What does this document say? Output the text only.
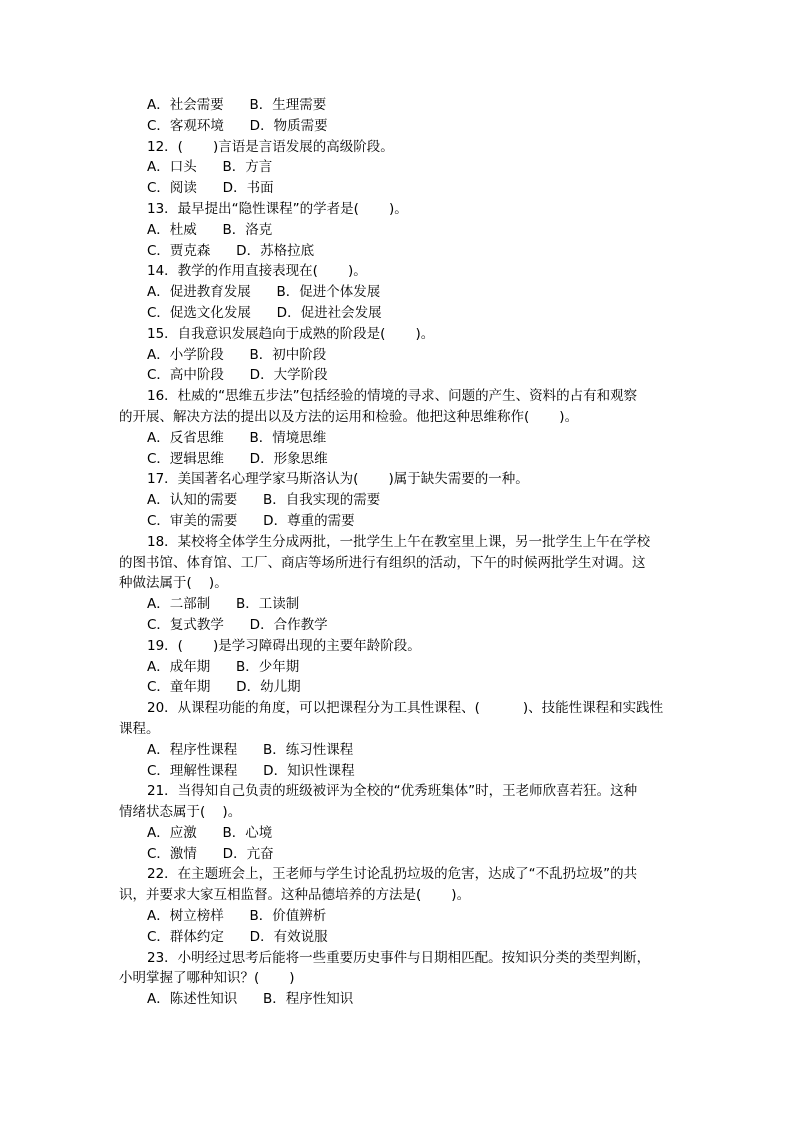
A．社会需要      B．生理需要
C．客观环境      D．物质需要
12．(       )言语是言语发展的高级阶段。
A．口头      B．方言
C．阅读      D．书面
13．最早提出“隐性课程”的学者是(       )。
A．杜威      B．洛克
C．贾克森      D．苏格拉底
14．教学的作用直接表现在(       )。
A．促进教育发展      B．促进个体发展
C．促选文化发展      D．促进社会发展
15．自我意识发展趋向于成熟的阶段是(       )。
A．小学阶段      B．初中阶段
C．高中阶段      D．大学阶段
16．杜威的“思维五步法”包括经验的情境的寻求、问题的产生、资料的占有和观察
的开展、解决方法的提出以及方法的运用和检验。他把这种思维称作(       )。
A．反省思维      B．情境思维
C．逻辑思维      D．形象思维
17．美国著名心理学家马斯洛认为(       )属于缺失需要的一种。
A．认知的需要      B．自我实现的需要
C．审美的需要      D．尊重的需要
18．某校将全体学生分成两批，一批学生上午在教室里上课，另一批学生上午在学校
的图书馆、体育馆、工厂、商店等场所进行有组织的活动，下午的时候两批学生对调。这
种做法属于(    )。
A．二部制      B．工读制
C．复式教学      D．合作教学
19．(       )是学习障碍出现的主要年龄阶段。
A．成年期      B．少年期
C．童年期      D．幼儿期
20．从课程功能的角度，可以把课程分为工具性课程、(          )、技能性课程和实践性
课程。
A．程序性课程      B．练习性课程
C．理解性课程      D．知识性课程
21．当得知自己负责的班级被评为全校的“优秀班集体”时，王老师欣喜若狂。这种
情绪状态属于(    )。
A．应激      B．心境
C．激情      D．亢奋
22．在主题班会上，王老师与学生讨论乱扔垃圾的危害，达成了“不乱扔垃圾”的共
识，并要求大家互相监督。这种品德培养的方法是(       )。
A．树立榜样      B．价值辨析
C．群体约定      D．有效说服
23．小明经过思考后能将一些重要历史事件与日期相匹配。按知识分类的类型判断，
小明掌握了哪种知识？(       )
A．陈述性知识      B．程序性知识
